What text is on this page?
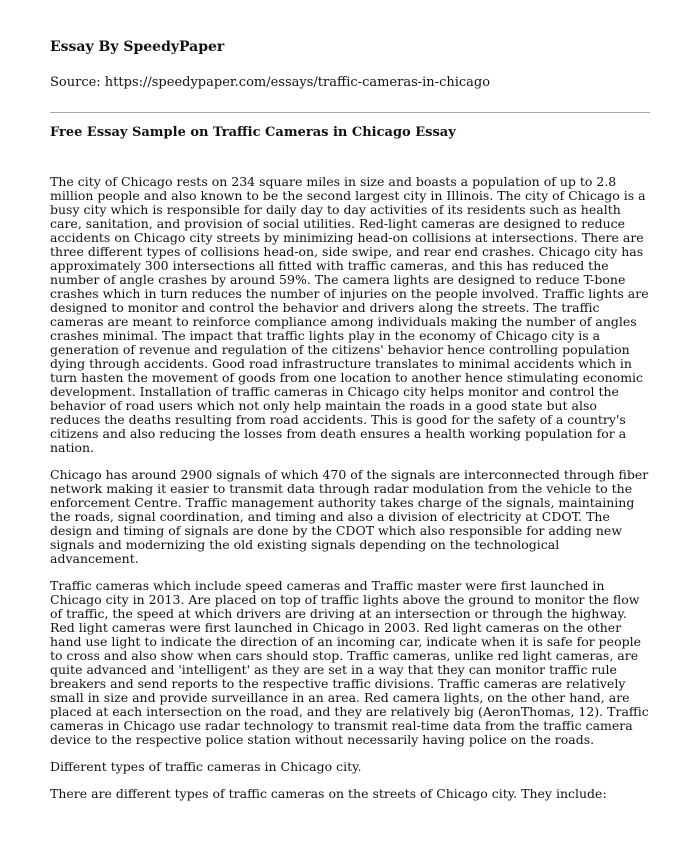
Essay By SpeedyPaper

Source: https://speedypaper.com/essays/traffic-cameras-in-chicago

Free Essay Sample on Traffic Cameras in Chicago Essay

The city of Chicago rests on 234 square miles in size and boasts a population of up to 2.8 million people and also known to be the second largest city in Illinois. The city of Chicago is a busy city which is responsible for daily day to day activities of its residents such as health care, sanitation, and provision of social utilities. Red-light cameras are designed to reduce accidents on Chicago city streets by minimizing head-on collisions at intersections. There are three different types of collisions head-on, side swipe, and rear end crashes. Chicago city has approximately 300 intersections all fitted with traffic cameras, and this has reduced the number of angle crashes by around 59%. The camera lights are designed to reduce T-bone crashes which in turn reduces the number of injuries on the people involved. Traffic lights are designed to monitor and control the behavior and drivers along the streets. The traffic cameras are meant to reinforce compliance among individuals making the number of angles crashes minimal. The impact that traffic lights play in the economy of Chicago city is a generation of revenue and regulation of the citizens' behavior hence controlling population dying through accidents. Good road infrastructure translates to minimal accidents which in turn hasten the movement of goods from one location to another hence stimulating economic development. Installation of traffic cameras in Chicago city helps monitor and control the behavior of road users which not only help maintain the roads in a good state but also reduces the deaths resulting from road accidents. This is good for the safety of a country's citizens and also reducing the losses from death ensures a health working population for a nation.

Chicago has around 2900 signals of which 470 of the signals are interconnected through fiber network making it easier to transmit data through radar modulation from the vehicle to the enforcement Centre. Traffic management authority takes charge of the signals, maintaining the roads, signal coordination, and timing and also a division of electricity at CDOT. The design and timing of signals are done by the CDOT which also responsible for adding new signals and modernizing the old existing signals depending on the technological advancement.

Traffic cameras which include speed cameras and Traffic master were first launched in Chicago city in 2013. Are placed on top of traffic lights above the ground to monitor the flow of traffic, the speed at which drivers are driving at an intersection or through the highway. Red light cameras were first launched in Chicago in 2003. Red light cameras on the other hand use light to indicate the direction of an incoming car, indicate when it is safe for people to cross and also show when cars should stop. Traffic cameras, unlike red light cameras, are quite advanced and 'intelligent' as they are set in a way that they can monitor traffic rule breakers and send reports to the respective traffic divisions. Traffic cameras are relatively small in size and provide surveillance in an area. Red camera lights, on the other hand, are placed at each intersection on the road, and they are relatively big (AeronThomas, 12). Traffic cameras in Chicago use radar technology to transmit real-time data from the traffic camera device to the respective police station without necessarily having police on the roads.

Different types of traffic cameras in Chicago city.

There are different types of traffic cameras on the streets of Chicago city. They include:
